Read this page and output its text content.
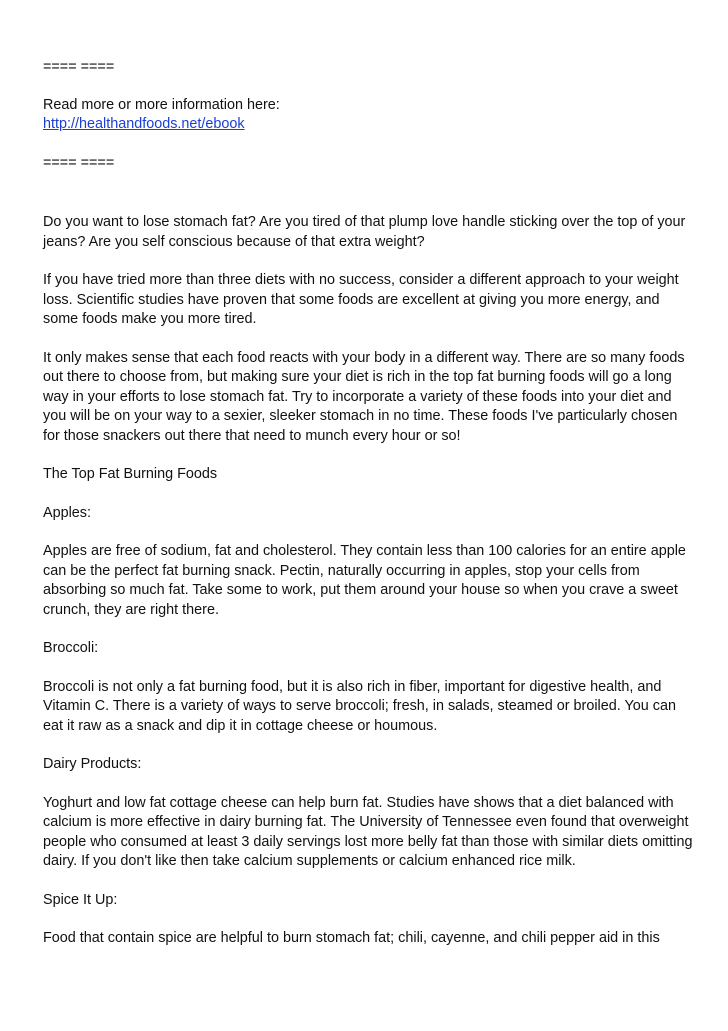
==== ====

Read more or more information here:

http://healthandfoods.net/ebook

==== ====

Do you want to lose stomach fat? Are you tired of that plump love handle sticking over the top of your jeans? Are you self conscious because of that extra weight?

If you have tried more than three diets with no success, consider a different approach to your weight loss. Scientific studies have proven that some foods are excellent at giving you more energy, and some foods make you more tired.

It only makes sense that each food reacts with your body in a different way. There are so many foods out there to choose from, but making sure your diet is rich in the top fat burning foods will go a long way in your efforts to lose stomach fat. Try to incorporate a variety of these foods into your diet and you will be on your way to a sexier, sleeker stomach in no time. These foods I've particularly chosen for those snackers out there that need to munch every hour or so!

The Top Fat Burning Foods

Apples:

Apples are free of sodium, fat and cholesterol. They contain less than 100 calories for an entire apple can be the perfect fat burning snack. Pectin, naturally occurring in apples, stop your cells from absorbing so much fat. Take some to work, put them around your house so when you crave a sweet crunch, they are right there.

Broccoli:

Broccoli is not only a fat burning food, but it is also rich in fiber, important for digestive health, and Vitamin C. There is a variety of ways to serve broccoli; fresh, in salads, steamed or broiled. You can eat it raw as a snack and dip it in cottage cheese or houmous.

Dairy Products:

Yoghurt and low fat cottage cheese can help burn fat. Studies have shows that a diet balanced with calcium is more effective in dairy burning fat. The University of Tennessee even found that overweight people who consumed at least 3 daily servings lost more belly fat than those with similar diets omitting dairy. If you don't like then take calcium supplements or calcium enhanced rice milk.

Spice It Up:

Food that contain spice are helpful to burn stomach fat; chili, cayenne, and chili pepper aid in this
